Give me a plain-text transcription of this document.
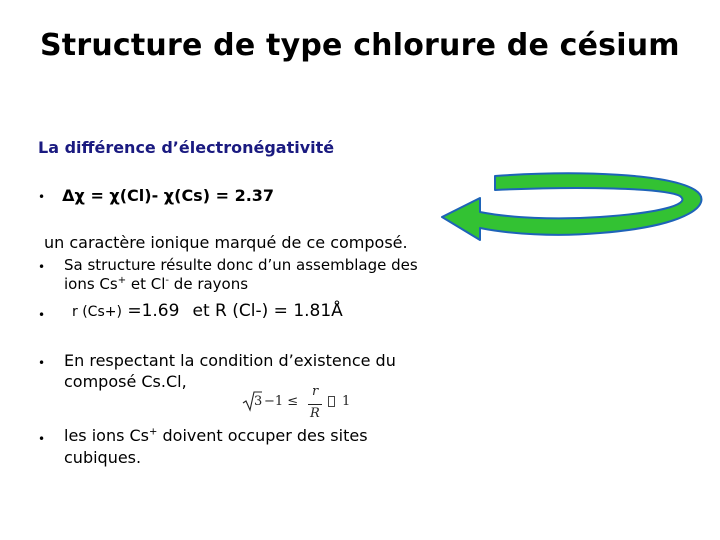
Structure de type chlorure de césium
La différence d’électronégativité
• Δχ = χ(Cl)- χ(Cs) = 2.37
un caractère ionique marqué de ce composé.
• Sa structure résulte donc d’un assemblage des
ions Cs+ et Cl- de rayons
• r (Cs+) =1.69 et R (Cl-) = 1.81Å
• En respectant la condition d’existence du
composé Cs.Cl,
3 −1 ≤
r
R
1
• les ions Cs+ doivent occuper des sites
cubiques.
